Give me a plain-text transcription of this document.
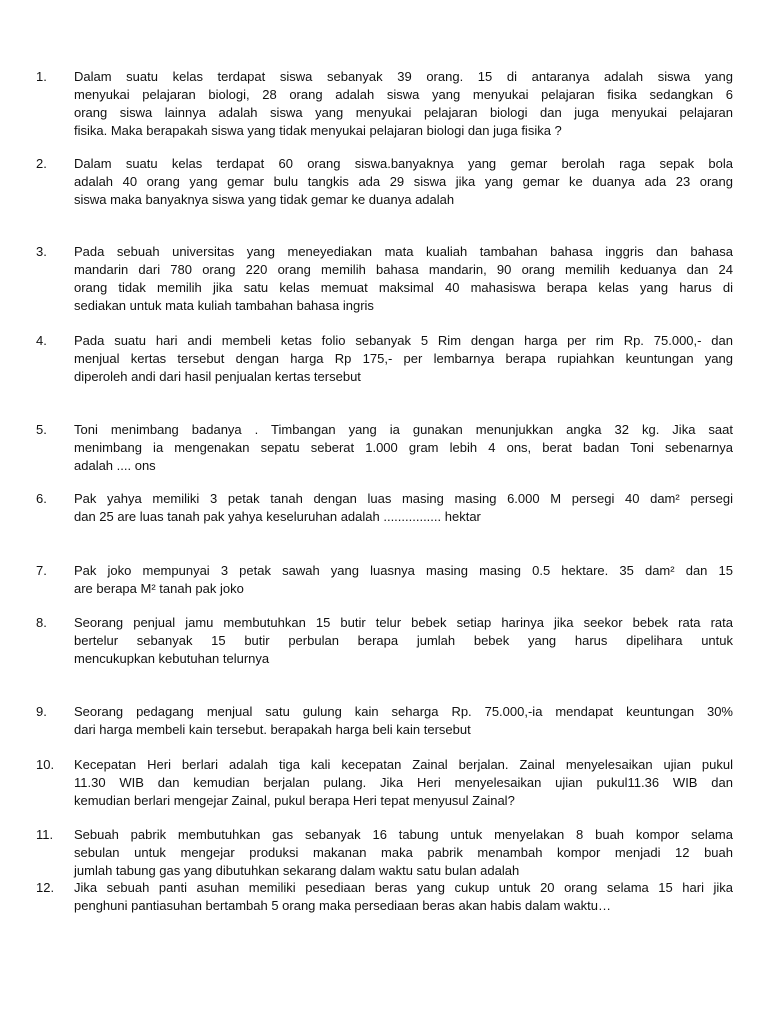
1.	Dalam suatu kelas terdapat siswa sebanyak 39 orang. 15 di antaranya adalah siswa yang
menyukai pelajaran biologi, 28 orang adalah siswa yang menyukai pelajaran fisika sedangkan 6
orang siswa lainnya adalah siswa yang menyukai pelajaran biologi dan juga menyukai pelajaran
fisika. Maka berapakah siswa yang tidak menyukai pelajaran biologi dan juga fisika ?
2.	Dalam suatu kelas terdapat 60 orang siswa.banyaknya yang gemar berolah raga sepak bola
adalah 40 orang yang gemar bulu tangkis ada 29 siswa jika yang gemar ke duanya ada 23 orang
siswa maka banyaknya siswa yang tidak gemar ke duanya adalah
3.	Pada sebuah universitas yang meneyediakan mata kualiah tambahan bahasa inggris dan bahasa
mandarin dari 780 orang 220 orang memilih bahasa mandarin, 90 orang memilih keduanya dan 24
orang tidak memilih jika satu kelas memuat maksimal 40 mahasiswa berapa kelas yang harus di
sediakan untuk mata kuliah tambahan bahasa ingris
4.	Pada suatu hari andi membeli ketas folio sebanyak 5 Rim dengan harga per rim Rp. 75.000,- dan
menjual kertas tersebut dengan harga Rp 175,- per lembarnya berapa rupiahkan keuntungan yang
diperoleh andi dari hasil penjualan kertas tersebut
5.	Toni menimbang badanya . Timbangan yang ia gunakan menunjukkan angka 32 kg. Jika saat
menimbang ia mengenakan sepatu seberat 1.000 gram lebih 4 ons, berat badan Toni sebenarnya
adalah .... ons
6.	Pak yahya memiliki 3 petak tanah dengan luas masing masing 6.000 M persegi 40 dam² persegi
dan 25 are luas tanah pak yahya keseluruhan adalah ................ hektar
7.	Pak joko mempunyai 3 petak sawah yang luasnya masing masing 0.5 hektare. 35 dam² dan 15
are berapa M² tanah pak joko
8.	Seorang penjual jamu membutuhkan 15 butir telur bebek setiap harinya jika seekor bebek rata rata
bertelur sebanyak 15 butir perbulan berapa jumlah bebek yang harus dipelihara untuk
mencukupkan kebutuhan telurnya
9.	Seorang pedagang menjual satu gulung kain seharga Rp. 75.000,-ia mendapat keuntungan 30%
dari harga membeli kain tersebut. berapakah harga beli kain tersebut
10.	Kecepatan Heri berlari adalah tiga kali kecepatan Zainal berjalan. Zainal menyelesaikan ujian pukul
11.30 WIB dan kemudian berjalan pulang. Jika Heri menyelesaikan ujian pukul11.36 WIB dan
kemudian berlari mengejar Zainal, pukul berapa Heri tepat menyusul Zainal?
11.	Sebuah pabrik membutuhkan gas sebanyak 16 tabung untuk menyelakan 8 buah kompor selama
sebulan untuk mengejar produksi makanan maka pabrik menambah kompor menjadi 12 buah
jumlah tabung gas yang dibutuhkan sekarang dalam waktu satu bulan adalah
12.	Jika sebuah panti asuhan memiliki pesediaan beras yang cukup untuk 20 orang selama 15 hari jika
penghuni pantiasuhan bertambah 5 orang maka persediaan beras akan habis dalam waktu…
